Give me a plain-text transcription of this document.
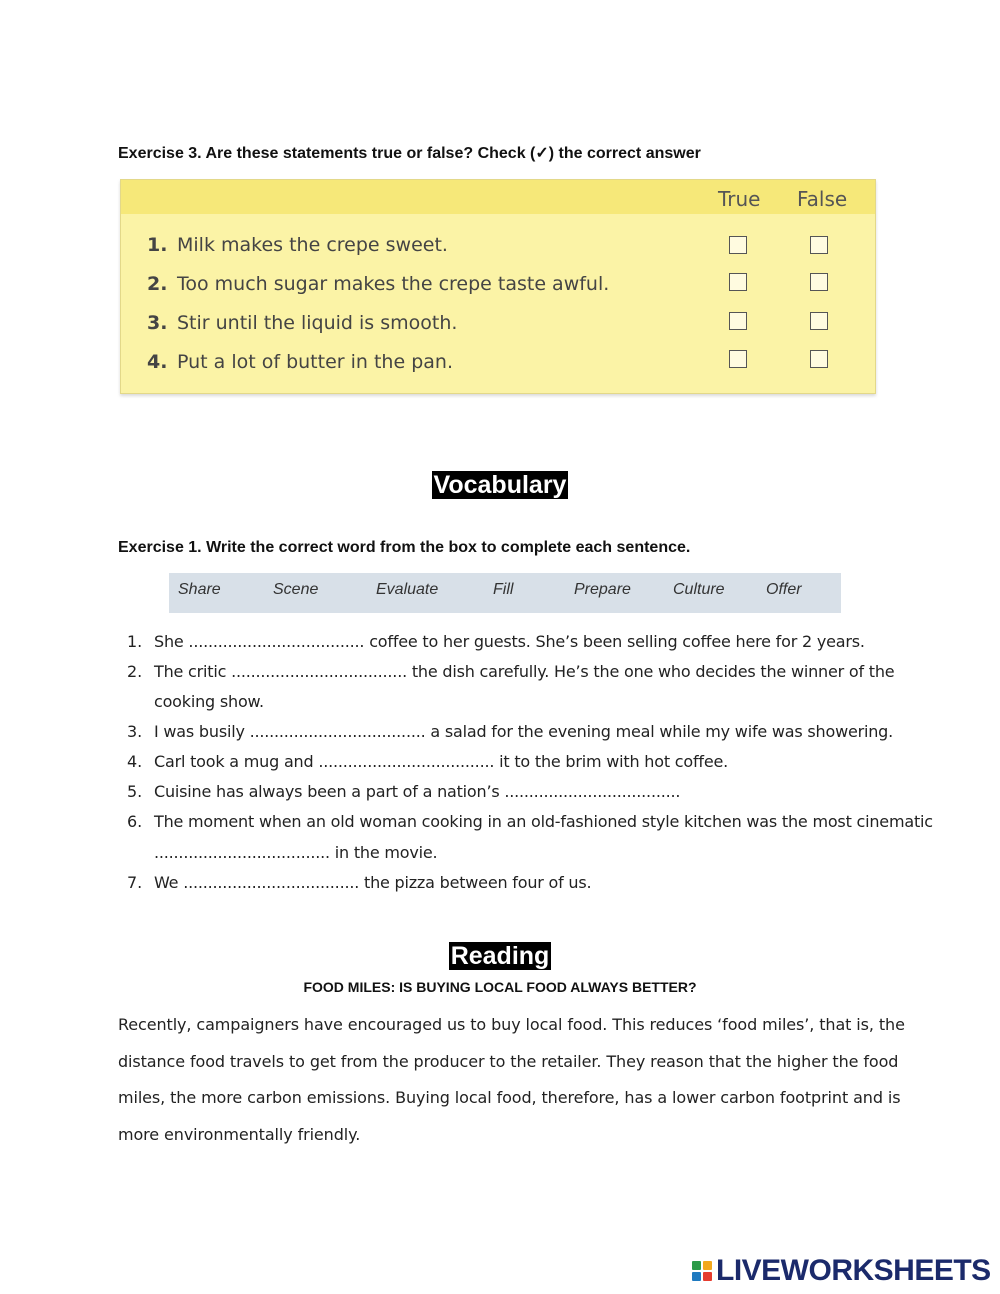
Exercise 3. Are these statements true or false? Check (✓) the correct answer
True False
1. Milk makes the crepe sweet.
2. Too much sugar makes the crepe taste awful.
3. Stir until the liquid is smooth.
4. Put a lot of butter in the pan.
Vocabulary
Exercise 1. Write the correct word from the box to complete each sentence.
Share	Scene	Evaluate	Fill	Prepare	Culture	Offer
1. She .................................... coffee to her guests. She’s been selling coffee here for 2 years.
2. The critic .................................... the dish carefully. He’s the one who decides the winner of the
cooking show.
3. I was busily .................................... a salad for the evening meal while my wife was showering.
4. Carl took a mug and .................................... it to the brim with hot coffee.
5. Cuisine has always been a part of a nation’s ....................................
6. The moment when an old woman cooking in an old-fashioned style kitchen was the most cinematic
.................................... in the movie.
7. We .................................... the pizza between four of us.
Reading
FOOD MILES: IS BUYING LOCAL FOOD ALWAYS BETTER?
Recently, campaigners have encouraged us to buy local food. This reduces ‘food miles’, that is, the
distance food travels to get from the producer to the retailer. They reason that the higher the food
miles, the more carbon emissions. Buying local food, therefore, has a lower carbon footprint and is
more environmentally friendly.
LIVEWORKSHEETS
